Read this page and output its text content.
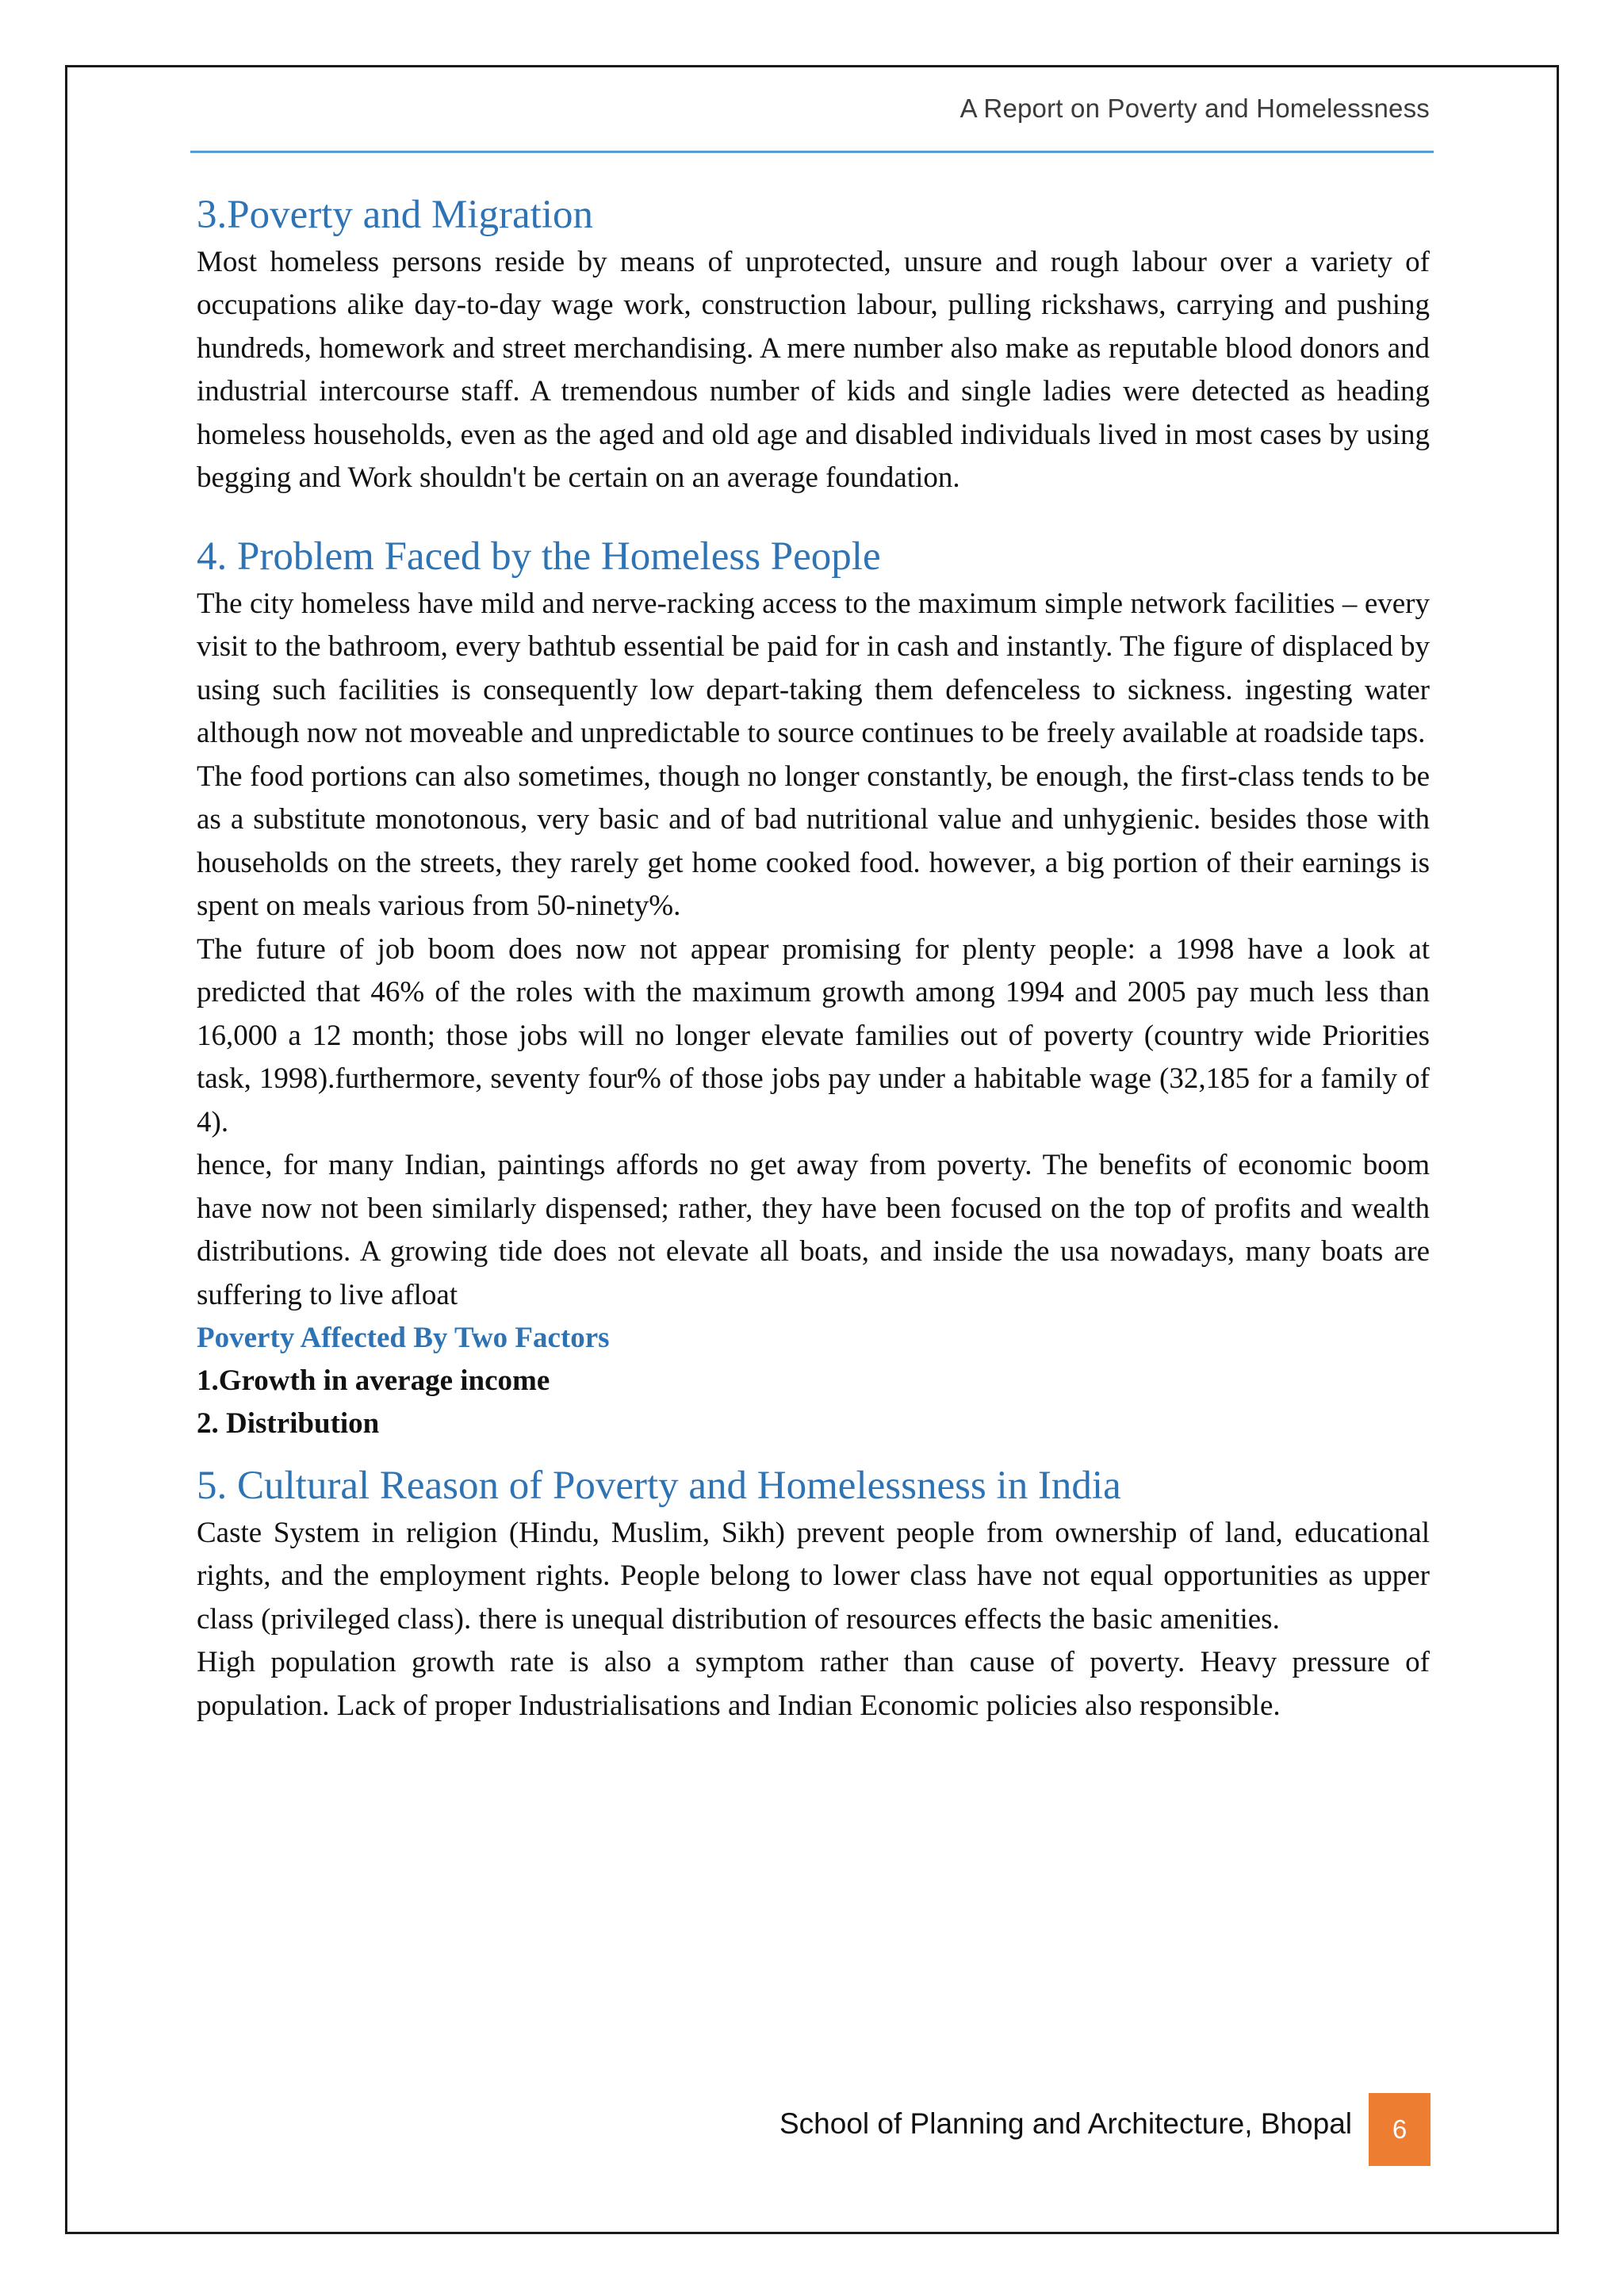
A Report on Poverty and Homelessness
3.Poverty and Migration

Most homeless persons reside by means of unprotected, unsure and rough labour over a variety of occupations alike day-to-day wage work, construction labour, pulling rickshaws, carrying and pushing hundreds, homework and street merchandising. A mere number also make as reputable blood donors and industrial intercourse staff. A tremendous number of kids and single ladies were detected as heading homeless households, even as the aged and old age and disabled individuals lived in most cases by using begging and Work shouldn't be certain on an average foundation.

4. Problem Faced by the Homeless People

The city homeless have mild and nerve-racking access to the maximum simple network facilities – every visit to the bathroom, every bathtub essential be paid for in cash and instantly. The figure of displaced by using such facilities is consequently low depart-taking them defenceless to sickness. ingesting water although now not moveable and unpredictable to source continues to be freely available at roadside taps.

The food portions can also sometimes, though no longer constantly, be enough, the first-class tends to be as a substitute monotonous, very basic and of bad nutritional value and unhygienic. besides those with households on the streets, they rarely get home cooked food. however, a big portion of their earnings is spent on meals various from 50-ninety%.

The future of job boom does now not appear promising for plenty people: a 1998 have a look at predicted that 46% of the roles with the maximum growth among 1994 and 2005 pay much less than 16,000 a 12 month; those jobs will no longer elevate families out of poverty (country wide Priorities task, 1998).furthermore, seventy four% of those jobs pay under a habitable wage (32,185 for a family of 4).

hence, for many Indian, paintings affords no get away from poverty. The benefits of economic boom have now not been similarly dispensed; rather, they have been focused on the top of profits and wealth distributions. A growing tide does not elevate all boats, and inside the usa nowadays, many boats are suffering to live afloat

Poverty Affected By Two Factors

1.Growth in average income

2. Distribution

5. Cultural Reason of Poverty and Homelessness in India

Caste System in religion (Hindu, Muslim, Sikh) prevent people from ownership of land, educational rights, and the employment rights. People belong to lower class have not equal opportunities as upper class (privileged class). there is unequal distribution of resources effects the basic amenities.

High population growth rate is also a symptom rather than cause of poverty. Heavy pressure of population. Lack of proper Industrialisations and Indian Economic policies also responsible.

School of Planning and Architecture, Bhopal 6
